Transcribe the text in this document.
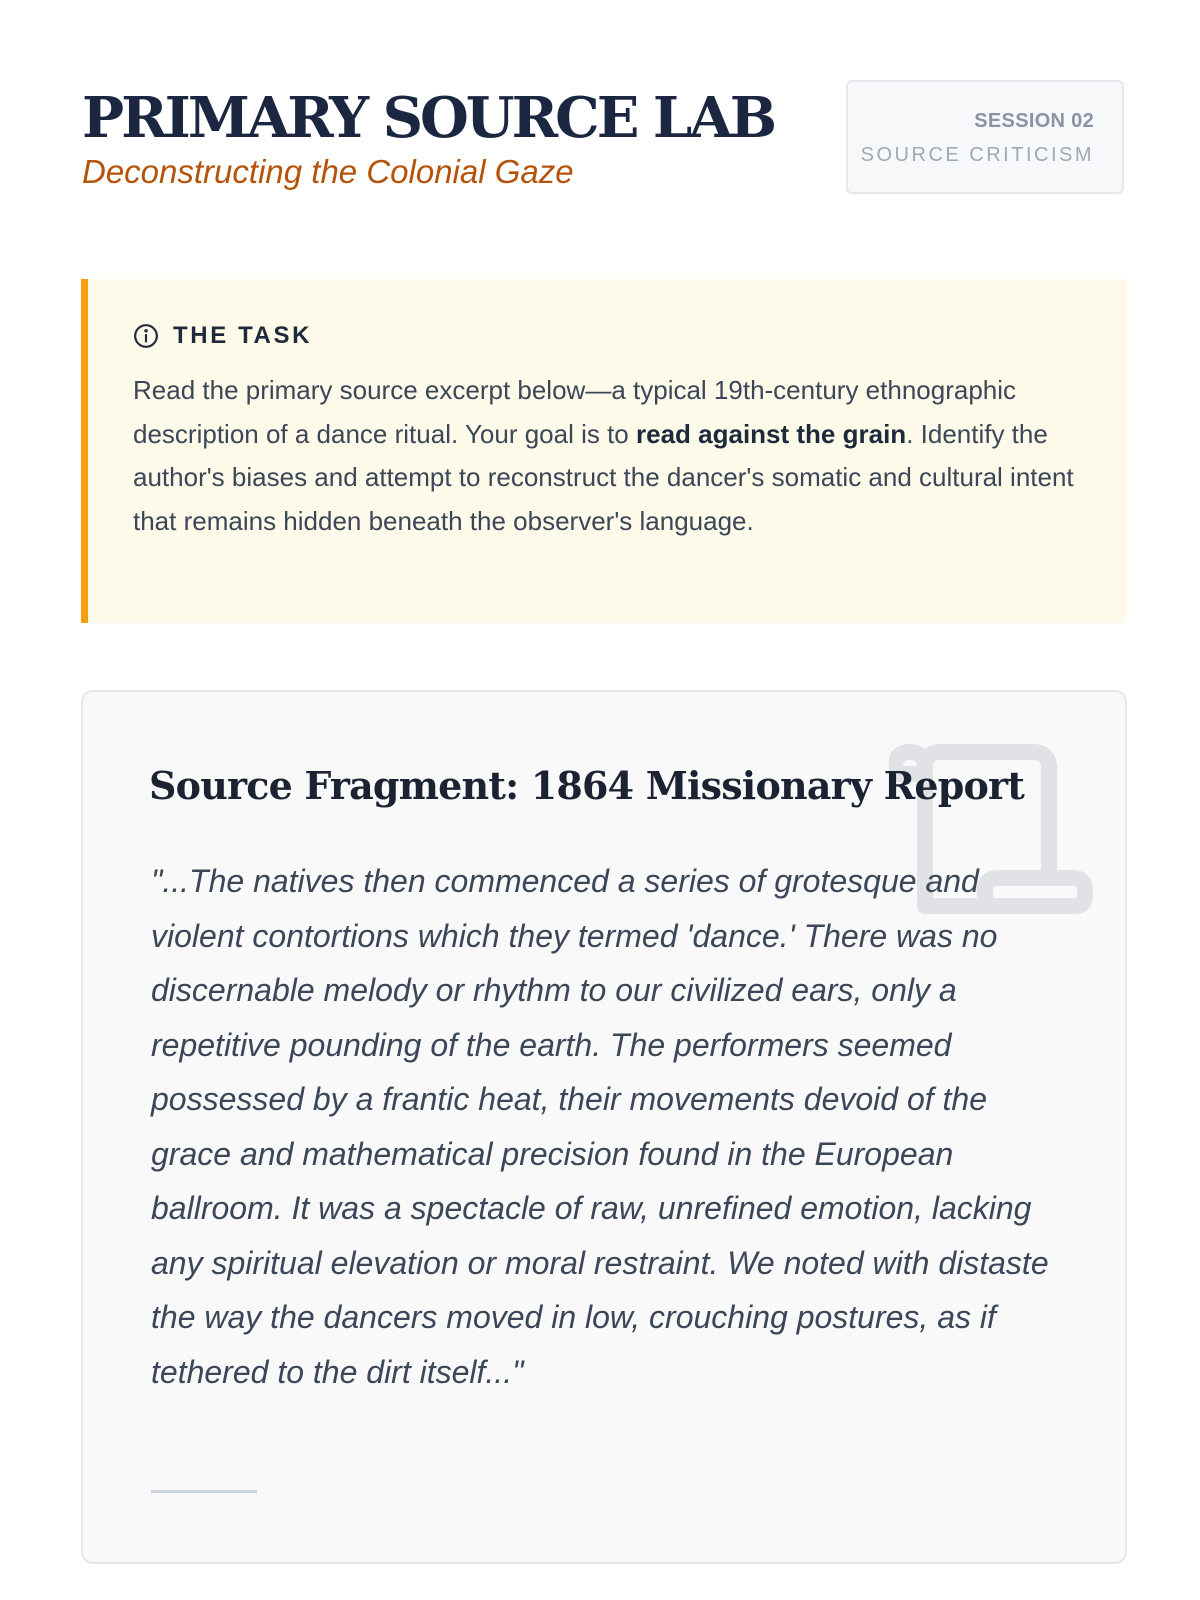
PRIMARY SOURCE LAB
Deconstructing the Colonial Gaze
SESSION 02
SOURCE CRITICISM
THE TASK

Read the primary source excerpt below—a typical 19th-century ethnographic description of a dance ritual. Your goal is to read against the grain. Identify the author's biases and attempt to reconstruct the dancer's somatic and cultural intent that remains hidden beneath the observer's language.

Source Fragment: 1864 Missionary Report

"...The natives then commenced a series of grotesque and violent contortions which they termed 'dance.' There was no discernable melody or rhythm to our civilized ears, only a repetitive pounding of the earth. The performers seemed possessed by a frantic heat, their movements devoid of the grace and mathematical precision found in the European ballroom. It was a spectacle of raw, unrefined emotion, lacking any spiritual elevation or moral restraint. We noted with distaste the way the dancers moved in low, crouching postures, as if tethered to the dirt itself..."
